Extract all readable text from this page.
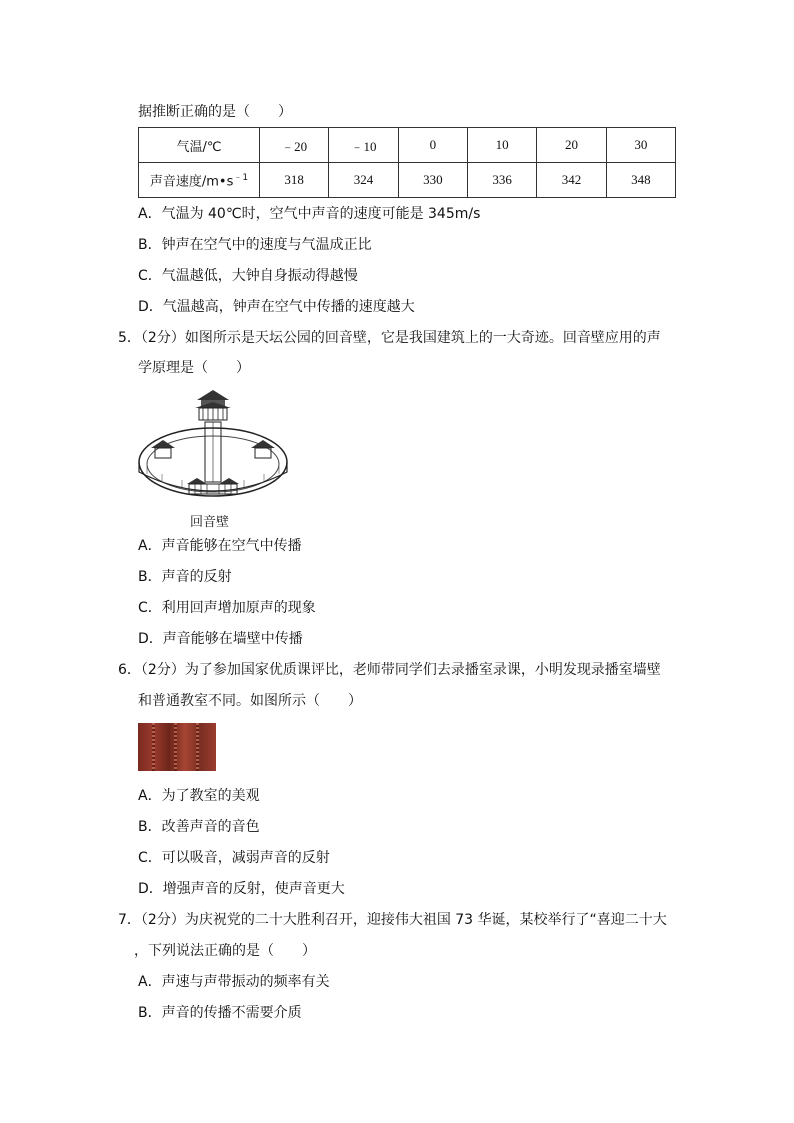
据推断正确的是（　　）
气温/℃	﹣20	﹣10	0	10	20	30
声音速度$/m•s^{﹣1}$	318	324	330	336	342	348
A．气温为 40℃时，空气中声音的速度可能是 345m/s
B．钟声在空气中的速度与气温成正比
C．气温越低，大钟自身振动得越慢
D．气温越高，钟声在空气中传播的速度越大
5．（2分）如图所示是天坛公园的回音壁，它是我国建筑上的一大奇迹。回音壁应用的声
学原理是（　　）
回音壁
A．声音能够在空气中传播
B．声音的反射
C．利用回声增加原声的现象
D．声音能够在墙壁中传播
6．（2分）为了参加国家优质课评比，老师带同学们去录播室录课，小明发现录播室墙壁
和普通教室不同。如图所示（　　）
A．为了教室的美观
B．改善声音的音色
C．可以吸音，减弱声音的反射
D．增强声音的反射，使声音更大
7．（2分）为庆祝党的二十大胜利召开，迎接伟大祖国 73 华诞，某校举行了“喜迎二十大
，下列说法正确的是（　　）
A．声速与声带振动的频率有关
B．声音的传播不需要介质
